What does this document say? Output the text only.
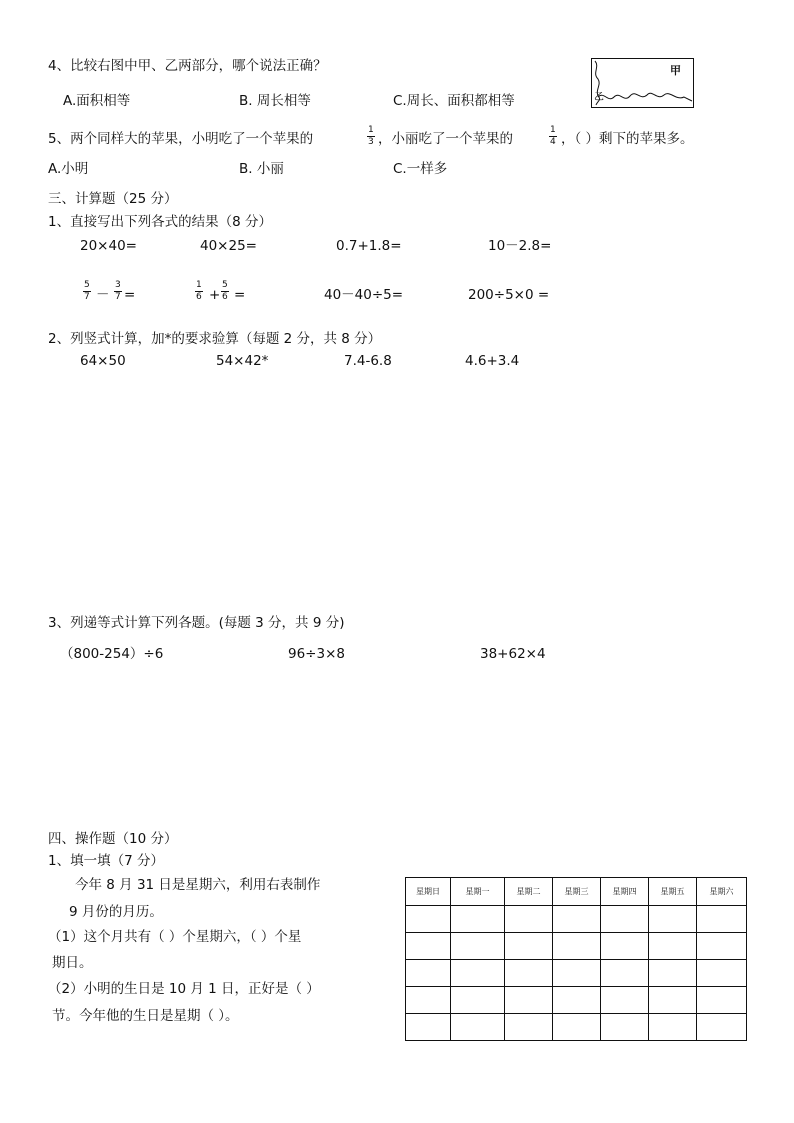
4、比较右图中甲、乙两部分，哪个说法正确？
A.面积相等	B. 周长相等	C.周长、面积都相等
甲
乙
5、两个同样大的苹果，小明吃了一个苹果的
1
3 ，小丽吃了一个苹果的
1
4 ，（ ）剩下的苹果多。
A.小明	B. 小丽	C.一样多
三、计算题（25 分）
1、直接写出下列各式的结果（8 分）
20×40=	40×25=	0.7+1.8=	10－2.8=
5
7 －
3
7 =
1
6 +
5
6 =	40－40÷5=	200÷5×0 =
2、列竖式计算，加*的要求验算（每题 2 分，共 8 分）
64×50	54×42*	7.4-6.8	4.6+3.4
3、列递等式计算下列各题。(每题 3 分，共 9 分)
（800-254）÷6	96÷3×8	38+62×4
四、操作题（10 分）
1、填一填（7 分）
今年 8 月 31 日是星期六，利用右表制作
9 月份的月历。
（1）这个月共有（ ）个星期六，（ ）个星
期日。
（2）小明的生日是 10 月 1 日，正好是（ ）
节。今年他的生日是星期（ ）。
星期日	星期一	星期二	星期三	星期四	星期五	星期六
